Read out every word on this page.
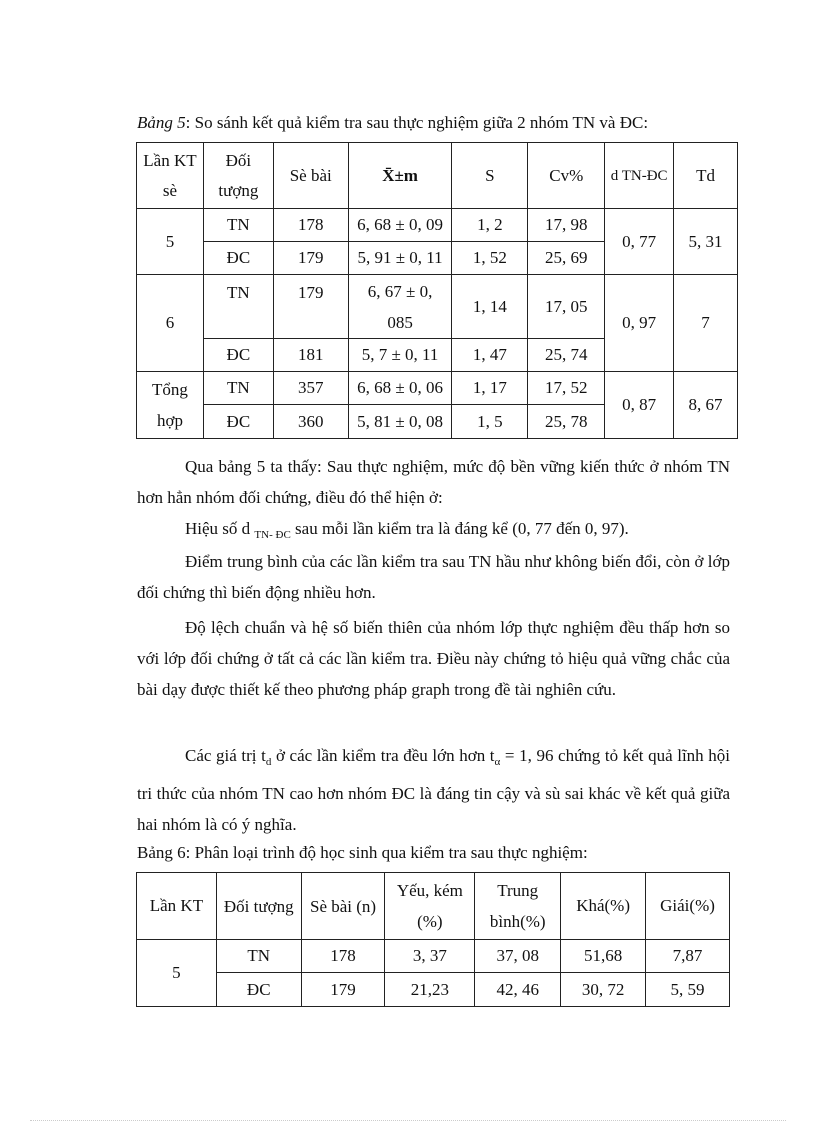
Bảng 5: So sánh kết quả kiểm tra sau thực nghiệm giữa 2 nhóm TN và ĐC:
Lần KT sè	Đối tượng	Sè bài	X̄±m	S	Cv%	d TN-ĐC	Td
5	TN	178	6, 68 ± 0, 09	1, 2	17, 98	0, 77	5, 31
	ĐC	179	5, 91 ± 0, 11	1, 52	25, 69		
6	TN	179	6, 67 ± 0, 085	1, 14	17, 05	0, 97	7
	ĐC	181	5, 7 ± 0, 11	1, 47	25, 74		
Tổng hợp	TN	357	6, 68 ± 0, 06	1, 17	17, 52	0, 87	8, 67
	ĐC	360	5, 81 ± 0, 08	1, 5	25, 78		
Qua bảng 5 ta thấy: Sau thực nghiệm, mức độ bền vững kiến thức ở nhóm TN hơn hẳn nhóm đối chứng, điều đó thể hiện ở:
Hiệu số d $_{TN- ĐC}$ sau mỗi lần kiểm tra là đáng kể (0, 77 đến 0, 97).
Điểm trung bình của các lần kiểm tra sau TN hầu như không biến đổi, còn ở lớp đối chứng thì biến động nhiều hơn.
Độ lệch chuẩn và hệ số biến thiên của nhóm lớp thực nghiệm đều thấp hơn so với lớp đối chứng ở tất cả các lần kiểm tra. Điều này chứng tỏ hiệu quả vững chắc của bài dạy được thiết kế theo phương pháp graph trong đề tài nghiên cứu.
Các giá trị $t_d$ ở các lần kiểm tra đều lớn hơn $t_\alpha = 1$, 96 chứng tỏ kết quả lĩnh hội tri thức của nhóm TN cao hơn nhóm ĐC là đáng tin cậy và sù sai khác về kết quả giữa hai nhóm là có ý nghĩa.
Bảng 6: Phân loại trình độ học sinh qua kiểm tra sau thực nghiệm:
Lần KT	Đối tượng	Sè bài (n)	Yếu, kém (%)	Trung bình(%)	Khá(%)	Giái(%)
5	TN	178	3, 37	37, 08	51,68	7,87
	ĐC	179	21,23	42, 46	30, 72	5, 59
